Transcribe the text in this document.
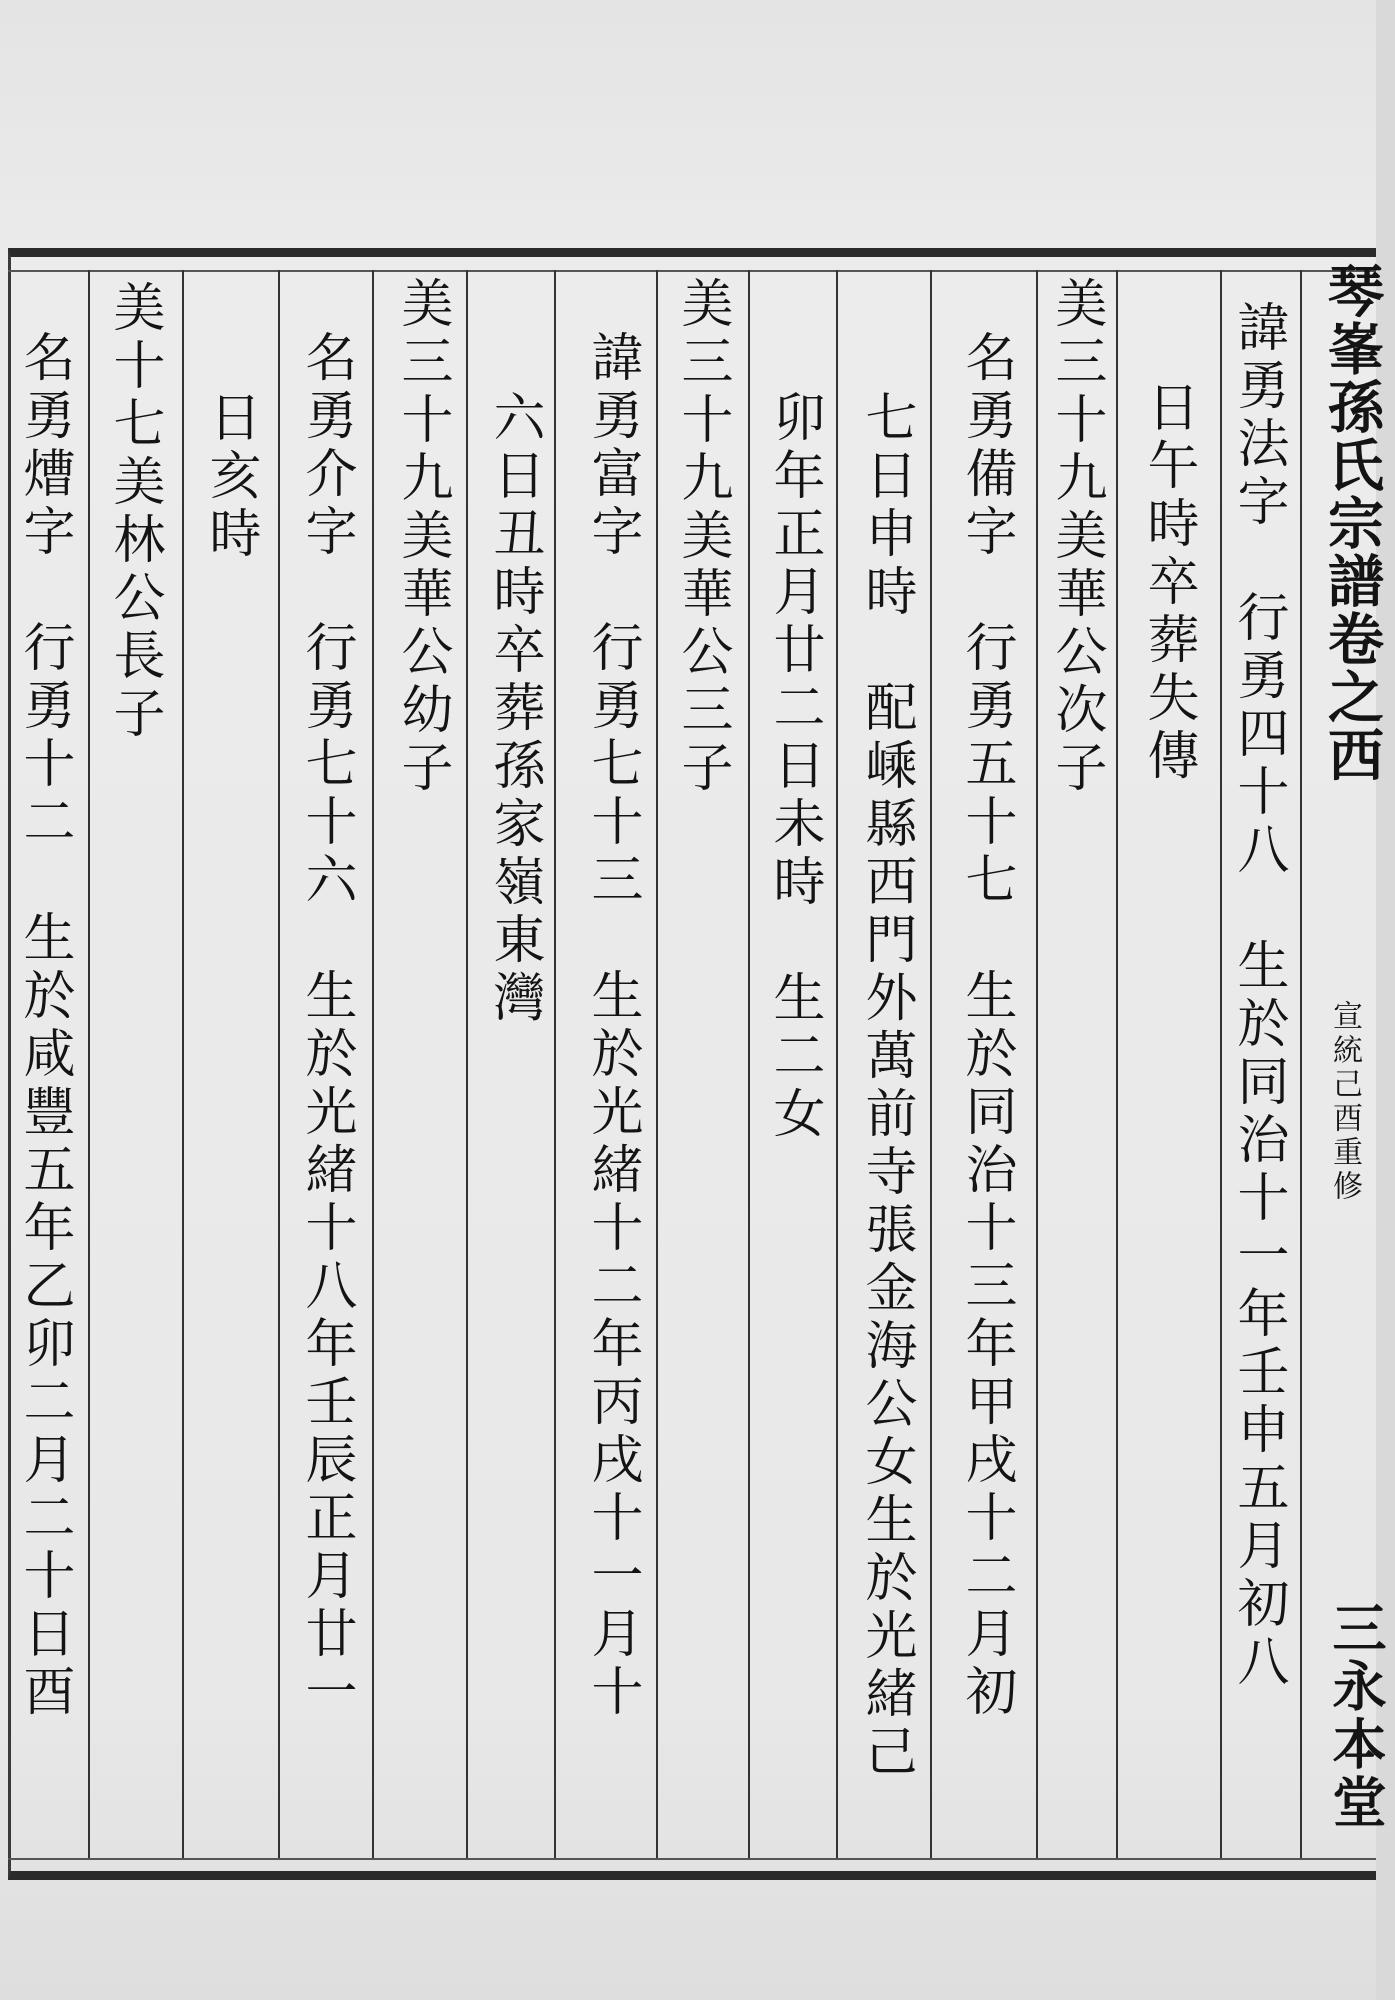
琴峯孫氏宗譜卷之西
宣統己酉重修
三永本堂
諱勇法字　行勇四十八　生於同治十一年壬申五月初八
日午時卒葬失傳
美三十九美華公次子
名勇備字　行勇五十七　生於同治十三年甲戌十二月初
七日申時　配嵊縣西門外萬前寺張金海公女生於光緒己
卯年正月廿二日未時　生二女
美三十九美華公三子
諱勇富字　行勇七十三　生於光緒十二年丙戌十一月十
六日丑時卒葬孫家嶺東灣
美三十九美華公幼子
名勇介字　行勇七十六　生於光緒十八年壬辰正月廿一
日亥時
美十七美林公長子
名勇㷮字　行勇十二　生於咸豐五年乙卯二月二十日酉
